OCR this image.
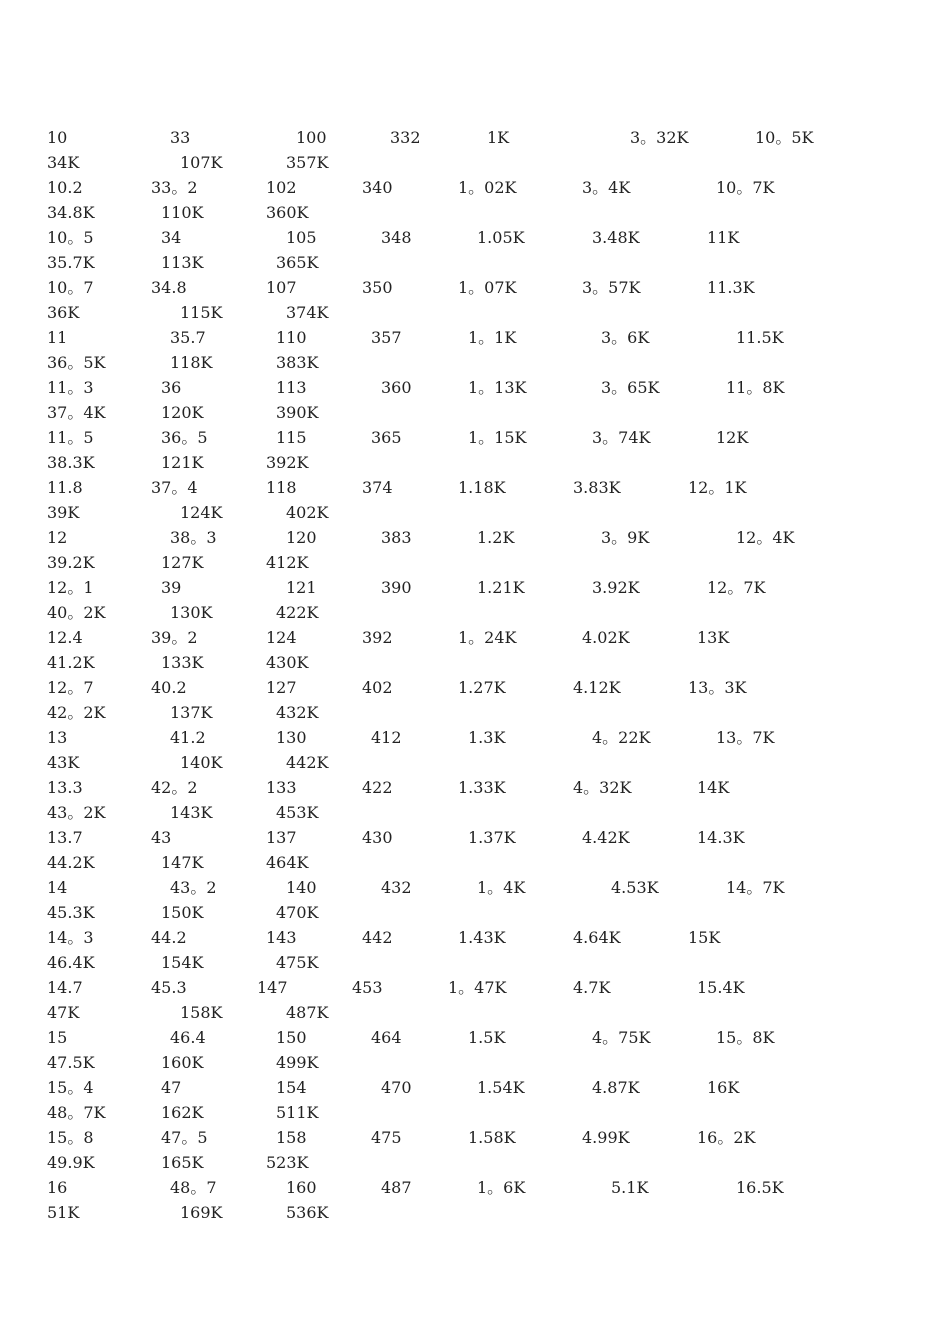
10	33	100	332	1K	3。32K	10。5K
34K	107K	357K
10.2	33。2	102	340	1。02K	3。4K	10。7K
34.8K	110K	360K
10。5	34	105	348	1.05K	3.48K	11K
35.7K	113K	365K
10。7	34.8	107	350	1。07K	3。57K	11.3K
36K	115K	374K
11	35.7	110	357	1。1K	3。6K	11.5K
36。5K	118K	383K
11。3	36	113	360	1。13K	3。65K	11。8K
37。4K	120K	390K
11。5	36。5	115	365	1。15K	3。74K	12K
38.3K	121K	392K
11.8	37。4	118	374	1.18K	3.83K	12。1K
39K	124K	402K
12	38。3	120	383	1.2K	3。9K	12。4K
39.2K	127K	412K
12。1	39	121	390	1.21K	3.92K	12。7K
40。2K	130K	422K
12.4	39。2	124	392	1。24K	4.02K	13K
41.2K	133K	430K
12。7	40.2	127	402	1.27K	4.12K	13。3K
42。2K	137K	432K
13	41.2	130	412	1.3K	4。22K	13。7K
43K	140K	442K
13.3	42。2	133	422	1.33K	4。32K	14K
43。2K	143K	453K
13.7	43	137	430	1.37K	4.42K	14.3K
44.2K	147K	464K
14	43。2	140	432	1。4K	4.53K	14。7K
45.3K	150K	470K
14。3	44.2	143	442	1.43K	4.64K	15K
46.4K	154K	475K
14.7	45.3	147	453	1。47K	4.7K	15.4K
47K	158K	487K
15	46.4	150	464	1.5K	4。75K	15。8K
47.5K	160K	499K
15。4	47	154	470	1.54K	4.87K	16K
48。7K	162K	511K
15。8	47。5	158	475	1.58K	4.99K	16。2K
49.9K	165K	523K
16	48。7	160	487	1。6K	5.1K	16.5K
51K	169K	536K
